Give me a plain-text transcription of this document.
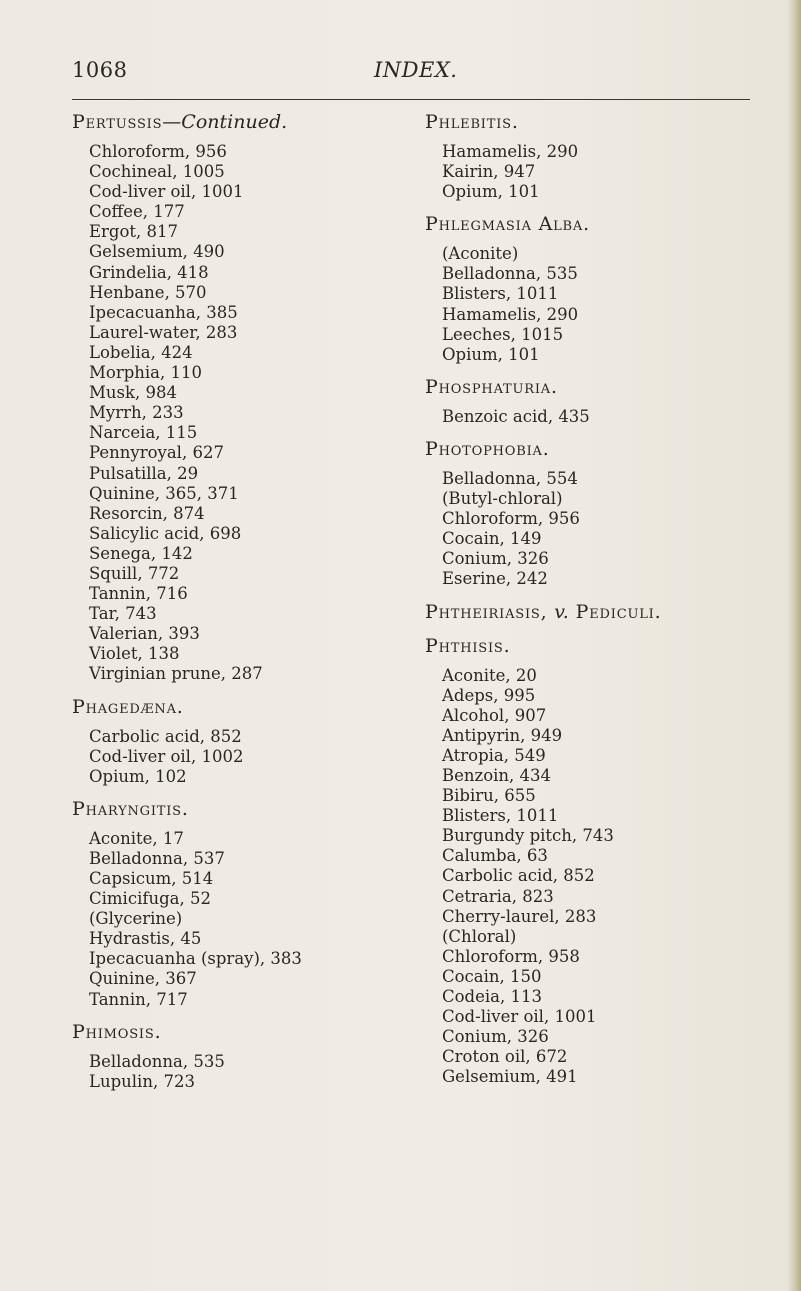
1068	INDEX.
Pertussis—Continued.
Chloroform, 956
Cochineal, 1005
Cod-liver oil, 1001
Coffee, 177
Ergot, 817
Gelsemium, 490
Grindelia, 418
Henbane, 570
Ipecacuanha, 385
Laurel-water, 283
Lobelia, 424
Morphia, 110
Musk, 984
Myrrh, 233
Narceia, 115
Pennyroyal, 627
Pulsatilla, 29
Quinine, 365, 371
Resorcin, 874
Salicylic acid, 698
Senega, 142
Squill, 772
Tannin, 716
Tar, 743
Valerian, 393
Violet, 138
Virginian prune, 287
Phagedæna.
Carbolic acid, 852
Cod-liver oil, 1002
Opium, 102
Pharyngitis.
Aconite, 17
Belladonna, 537
Capsicum, 514
Cimicifuga, 52
(Glycerine)
Hydrastis, 45
Ipecacuanha (spray), 383
Quinine, 367
Tannin, 717
Phimosis.
Belladonna, 535
Lupulin, 723
Phlebitis.
Hamamelis, 290
Kairin, 947
Opium, 101
Phlegmasia Alba.
(Aconite)
Belladonna, 535
Blisters, 1011
Hamamelis, 290
Leeches, 1015
Opium, 101
Phosphaturia.
Benzoic acid, 435
Photophobia.
Belladonna, 554
(Butyl-chloral)
Chloroform, 956
Cocain, 149
Conium, 326
Eserine, 242
Phtheiriasis, v. Pediculi.
Phthisis.
Aconite, 20
Adeps, 995
Alcohol, 907
Antipyrin, 949
Atropia, 549
Benzoin, 434
Bibiru, 655
Blisters, 1011
Burgundy pitch, 743
Calumba, 63
Carbolic acid, 852
Cetraria, 823
Cherry-laurel, 283
(Chloral)
Chloroform, 958
Cocain, 150
Codeia, 113
Cod-liver oil, 1001
Conium, 326
Croton oil, 672
Gelsemium, 491
